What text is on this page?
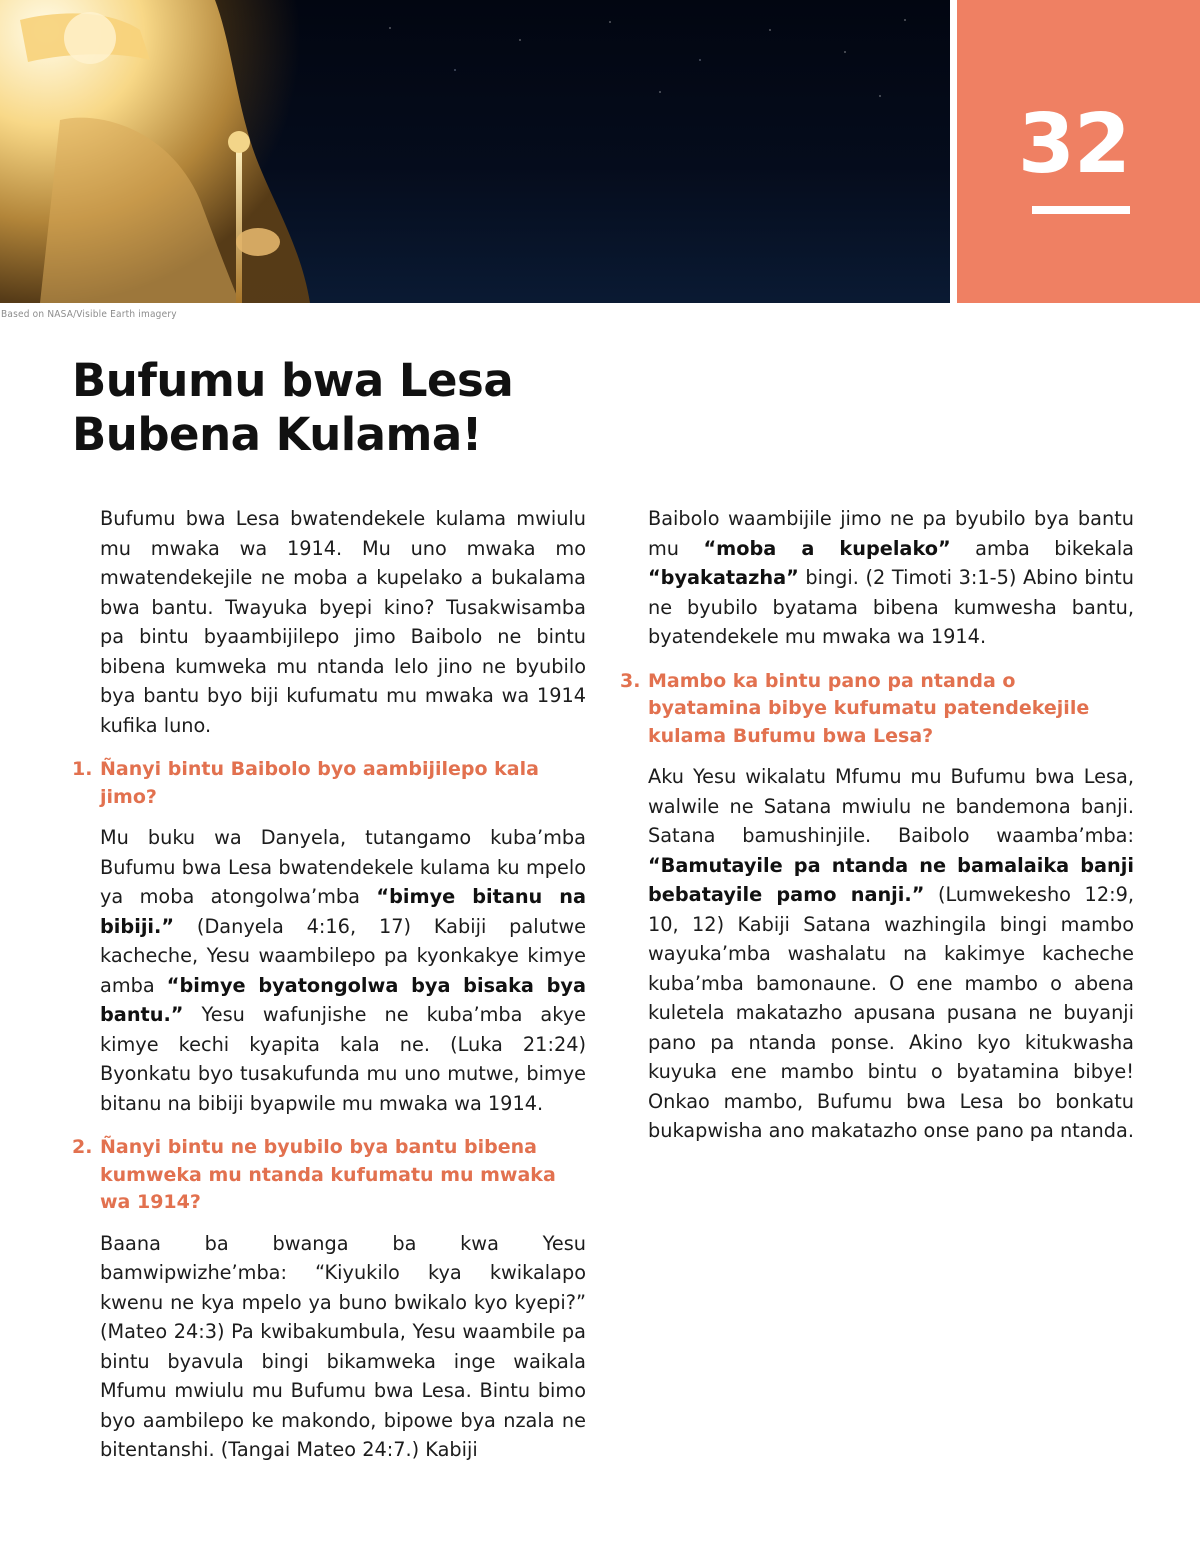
32
Based on NASA/Visible Earth imagery
Bufumu bwa Lesa
Bubena Kulama!

Bufumu bwa Lesa bwatendekele kulama mwiulu mu mwaka wa 1914. Mu uno mwaka mo mwatendekejile ne moba a kupelako a bukalama bwa bantu. Twayuka byepi kino? Tusakwisamba pa bintu byaambijilepo jimo Baibolo ne bintu bibena kumweka mu ntanda lelo jino ne byubilo bya bantu byo biji kufumatu mu mwaka wa 1914 kufika luno.

1. Ñanyi bintu Baibolo byo aambijilepo kala jimo?

Mu buku wa Danyela, tutangamo kuba’mba Bufumu bwa Lesa bwatendekele kulama ku mpelo ya moba atongolwa’mba “bimye bitanu na bibiji.” (Danyela 4:16, 17) Kabiji palutwe kacheche, Yesu waambilepo pa kyonkakye kimye amba “bimye byatongolwa bya bisaka bya bantu.” Yesu wafunjishe ne kuba’mba akye kimye kechi kyapita kala ne. (Luka 21:24) Byonkatu byo tusakufunda mu uno mutwe, bimye bitanu na bibiji byapwile mu mwaka wa 1914.

2. Ñanyi bintu ne byubilo bya bantu bibena kumweka mu ntanda kufumatu mu mwaka wa 1914?

Baana ba bwanga ba kwa Yesu bamwipwizhe’mba: “Kiyukilo kya kwikalapo kwenu ne kya mpelo ya buno bwikalo kyo kyepi?” (Mateo 24:3) Pa kwibakumbula, Yesu waambile pa bintu byavula bingi bikamweka inge waikala Mfumu mwiulu mu Bufumu bwa Lesa. Bintu bimo byo aambilepo ke makondo, bipowe bya nzala ne bitentanshi. (Tangai Mateo 24:7.) Kabiji

Baibolo waambijile jimo ne pa byubilo bya bantu mu “moba a kupelako” amba bikekala “byakatazha” bingi. (2 Timoti 3:1-5) Abino bintu ne byubilo byatama bibena kumwesha bantu, byatendekele mu mwaka wa 1914.

3. Mambo ka bintu pano pa ntanda o byatamina bibye kufumatu patendekejile kulama Bufumu bwa Lesa?

Aku Yesu wikalatu Mfumu mu Bufumu bwa Lesa, walwile ne Satana mwiulu ne bandemona banji. Satana bamushinjile. Baibolo waamba’mba: “Bamutayile pa ntanda ne bamalaika banji bebatayile pamo nanji.” (Lumwekesho 12:9, 10, 12) Kabiji Satana wazhingila bingi mambo wayuka’mba washalatu na kakimye kacheche kuba’mba bamonaune. O ene mambo o abena kuletela makatazho apusana pusana ne buyanji pano pa ntanda ponse. Akino kyo kitukwasha kuyuka ene mambo bintu o byatamina bibye! Onkao mambo, Bufumu bwa Lesa bo bonkatu bukapwisha ano makatazho onse pano pa ntanda.
